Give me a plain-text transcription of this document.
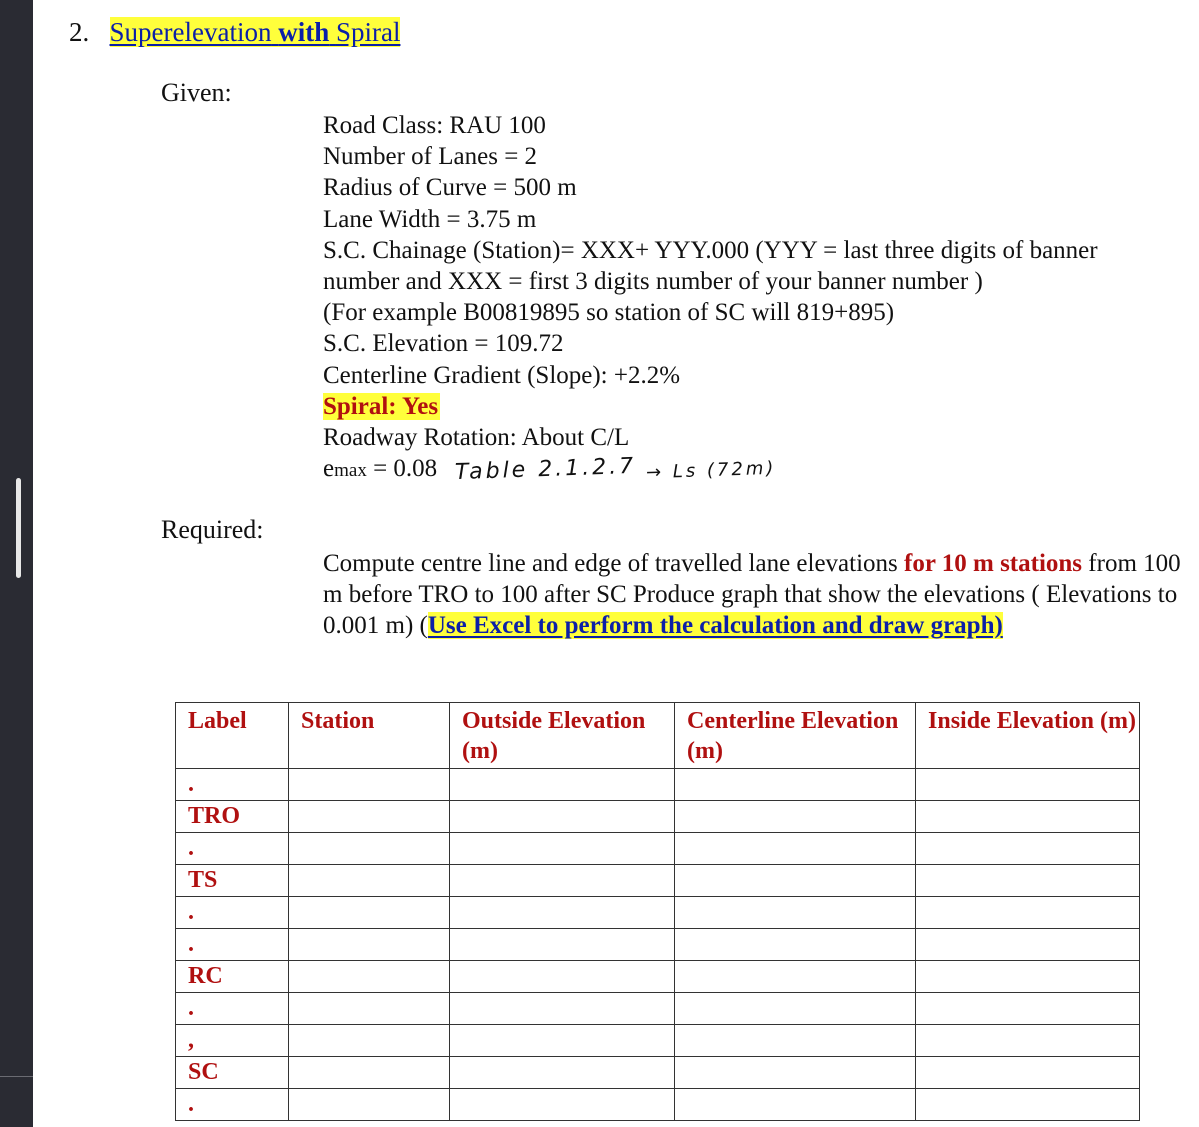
2. Superelevation with Spiral
Given:
Road Class: RAU 100
Number of Lanes = 2
Radius of Curve = 500 m
Lane Width = 3.75 m
S.C. Chainage (Station)= XXX+ YYY.000 (YYY = last three digits of banner
number and XXX = first 3 digits number of your banner number )
(For example B00819895 so station of SC will 819+895)
S.C. Elevation = 109.72
Centerline Gradient (Slope): +2.2%
Spiral: Yes
Roadway Rotation: About C/L
emax = 0.08 Table 2.1.2.7 → Ls (72m)
Required:
Compute centre line and edge of travelled lane elevations for 10 m stations from 100 m before TRO to 100 after SC Produce graph that show the elevations ( Elevations to 0.001 m) (Use Excel to perform the calculation and draw graph)
Label	Station	Outside Elevation (m)	Centerline Elevation (m)	Inside Elevation (m)
.				
TRO				
.				
TS				
.				
.				
RC				
.				
,				
SC				
.				
